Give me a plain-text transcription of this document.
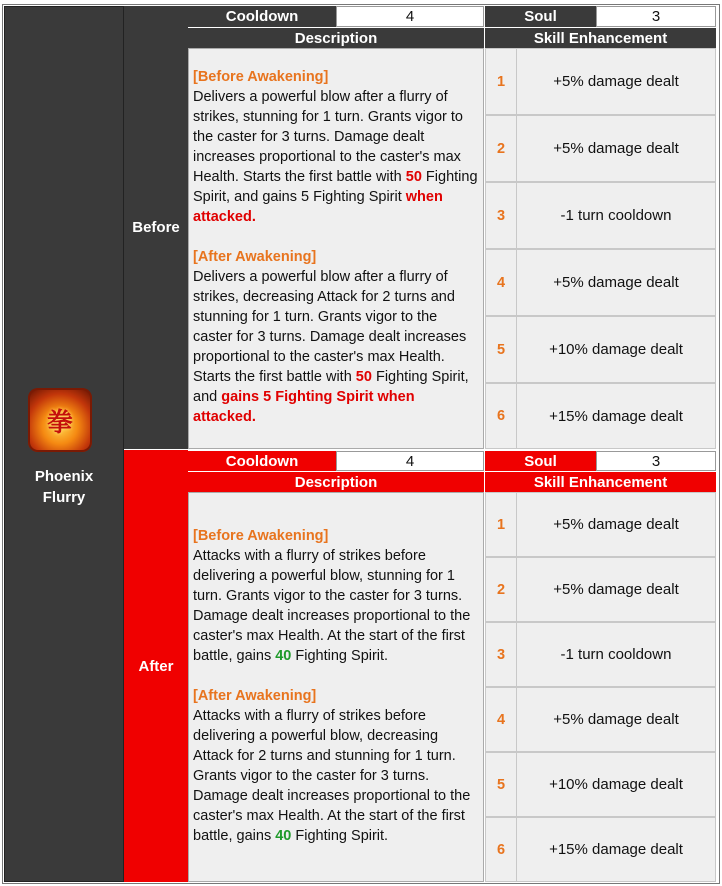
拳
Phoenix
Flurry
Before
Cooldown	4	Soul	3
Description	Skill Enhancement

[Before Awakening]

Delivers a powerful blow after a flurry of strikes, stunning for 1 turn. Grants vigor to the caster for 3 turns. Damage dealt increases proportional to the caster's max Health. Starts the first battle with 50 Fighting Spirit, and gains 5 Fighting Spirit when attacked.

[After Awakening]

Delivers a powerful blow after a flurry of strikes, decreasing Attack for 2 turns and stunning for 1 turn. Grants vigor to the caster for 3 turns. Damage dealt increases proportional to the caster's max Health. Starts the first battle with 50 Fighting Spirit, and gains 5 Fighting Spirit when attacked.

1	+5% damage dealt
2	+5% damage dealt
3	-1 turn cooldown
4	+5% damage dealt
5	+10% damage dealt
6	+15% damage dealt
After
Cooldown	4	Soul	3
Description	Skill Enhancement

[Before Awakening]

Attacks with a flurry of strikes before delivering a powerful blow, stunning for 1 turn. Grants vigor to the caster for 3 turns. Damage dealt increases proportional to the caster's max Health. At the start of the first battle, gains 40 Fighting Spirit.

[After Awakening]

Attacks with a flurry of strikes before delivering a powerful blow, decreasing Attack for 2 turns and stunning for 1 turn. Grants vigor to the caster for 3 turns. Damage dealt increases proportional to the caster's max Health. At the start of the first battle, gains 40 Fighting Spirit.

1	+5% damage dealt
2	+5% damage dealt
3	-1 turn cooldown
4	+5% damage dealt
5	+10% damage dealt
6	+15% damage dealt
